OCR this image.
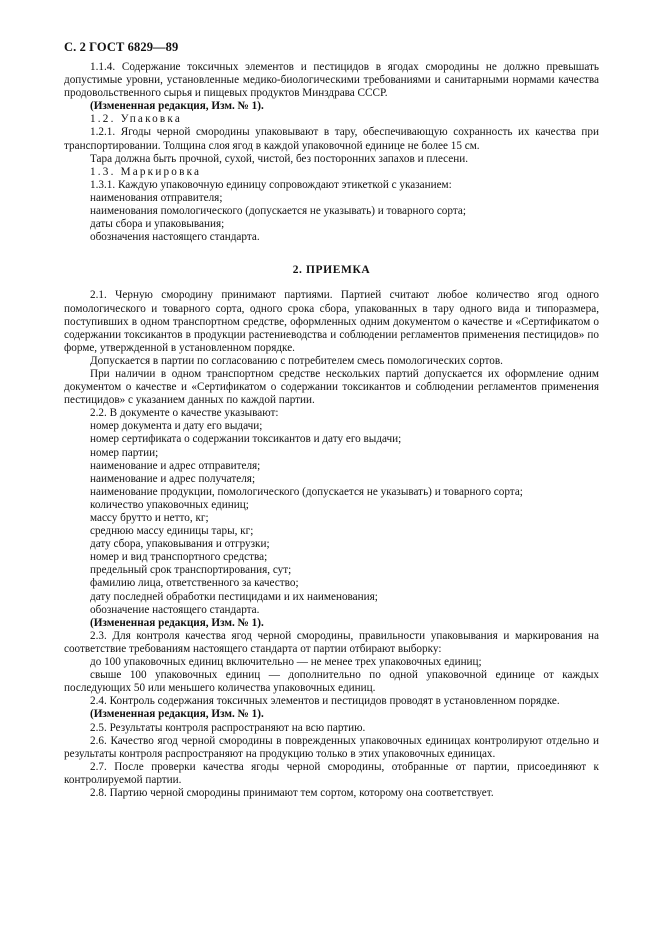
С. 2 ГОСТ 6829—89

1.1.4. Содержание токсичных элементов и пестицидов в ягодах смородины не должно превышать допустимые уровни, установленные медико-биологическими требованиями и санитарными нормами качества продовольственного сырья и пищевых продуктов Минздрава СССР.

(Измененная редакция, Изм. № 1).

1.2. Упаковка

1.2.1. Ягоды черной смородины упаковывают в тару, обеспечивающую сохранность их качества при транспортировании. Толщина слоя ягод в каждой упаковочной единице не более 15 см.

Тара должна быть прочной, сухой, чистой, без посторонних запахов и плесени.

1.3. Маркировка

1.3.1. Каждую упаковочную единицу сопровождают этикеткой с указанием:

наименования отправителя;

наименования помологического (допускается не указывать) и товарного сорта;

даты сбора и упаковывания;

обозначения настоящего стандарта.

2. ПРИЕМКА

2.1. Черную смородину принимают партиями. Партией считают любое количество ягод одного помологического и товарного сорта, одного срока сбора, упакованных в тару одного вида и типоразмера, поступивших в одном транспортном средстве, оформленных одним документом о качестве и «Сертификатом о содержании токсикантов в продукции растениеводства и соблюдении регламентов применения пестицидов» по форме, утвержденной в установленном порядке.

Допускается в партии по согласованию с потребителем смесь помологических сортов.

При наличии в одном транспортном средстве нескольких партий допускается их оформление одним документом о качестве и «Сертификатом о содержании токсикантов и соблюдении регламентов применения пестицидов» с указанием данных по каждой партии.

2.2. В документе о качестве указывают:

номер документа и дату его выдачи;

номер сертификата о содержании токсикантов и дату его выдачи;

номер партии;

наименование и адрес отправителя;

наименование и адрес получателя;

наименование продукции, помологического (допускается не указывать) и товарного сорта;

количество упаковочных единиц;

массу брутто и нетто, кг;

среднюю массу единицы тары, кг;

дату сбора, упаковывания и отгрузки;

номер и вид транспортного средства;

предельный срок транспортирования, сут;

фамилию лица, ответственного за качество;

дату последней обработки пестицидами и их наименования;

обозначение настоящего стандарта.

(Измененная редакция, Изм. № 1).

2.3. Для контроля качества ягод черной смородины, правильности упаковывания и маркирования на соответствие требованиям настоящего стандарта от партии отбирают выборку:

до 100 упаковочных единиц включительно — не менее трех упаковочных единиц;

свыше 100 упаковочных единиц — дополнительно по одной упаковочной единице от каждых последующих 50 или меньшего количества упаковочных единиц.

2.4. Контроль содержания токсичных элементов и пестицидов проводят в установленном порядке.

(Измененная редакция, Изм. № 1).

2.5. Результаты контроля распространяют на всю партию.

2.6. Качество ягод черной смородины в поврежденных упаковочных единицах контролируют отдельно и результаты контроля распространяют на продукцию только в этих упаковочных единицах.

2.7. После проверки качества ягоды черной смородины, отобранные от партии, присоединяют к контролируемой партии.

2.8. Партию черной смородины принимают тем сортом, которому она соответствует.
